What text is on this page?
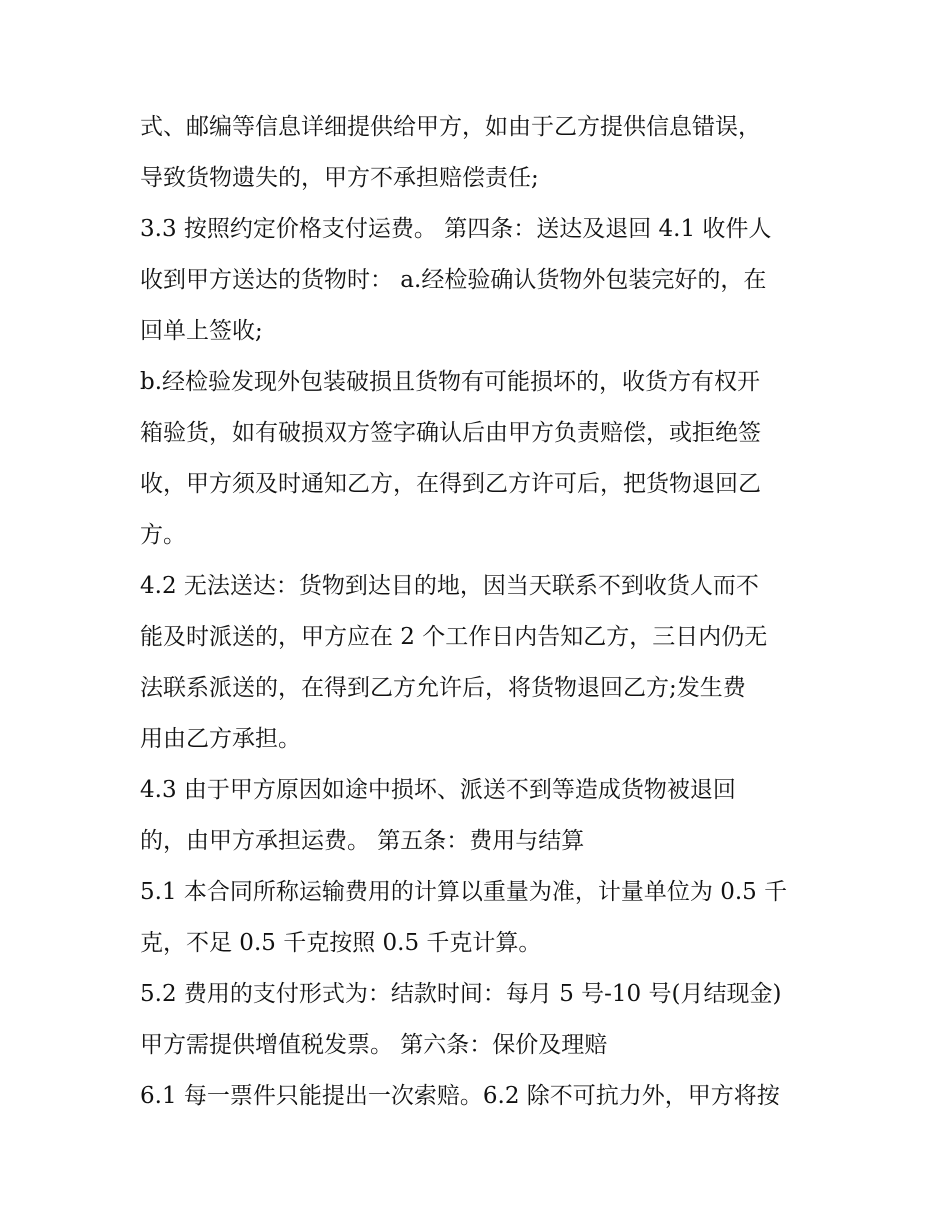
式、邮编等信息详细提供给甲方，如由于乙方提供信息错误，
导致货物遗失的，甲方不承担赔偿责任;
3.3 按照约定价格支付运费。 第四条：送达及退回 4.1 收件人
收到甲方送达的货物时： a.经检验确认货物外包装完好的，在
回单上签收;
b.经检验发现外包装破损且货物有可能损坏的，收货方有权开
箱验货，如有破损双方签字确认后由甲方负责赔偿，或拒绝签
收，甲方须及时通知乙方，在得到乙方许可后，把货物退回乙
方。
4.2 无法送达：货物到达目的地，因当天联系不到收货人而不
能及时派送的，甲方应在 2 个工作日内告知乙方，三日内仍无
法联系派送的，在得到乙方允许后，将货物退回乙方;发生费
用由乙方承担。
4.3 由于甲方原因如途中损坏、派送不到等造成货物被退回
的，由甲方承担运费。 第五条：费用与结算
5.1 本合同所称运输费用的计算以重量为准，计量单位为 0.5 千
克，不足 0.5 千克按照 0.5 千克计算。
5.2 费用的支付形式为：结款时间：每月 5 号-10 号(月结现金)
甲方需提供增值税发票。 第六条：保价及理赔
6.1 每一票件只能提出一次索赔。6.2 除不可抗力外，甲方将按
